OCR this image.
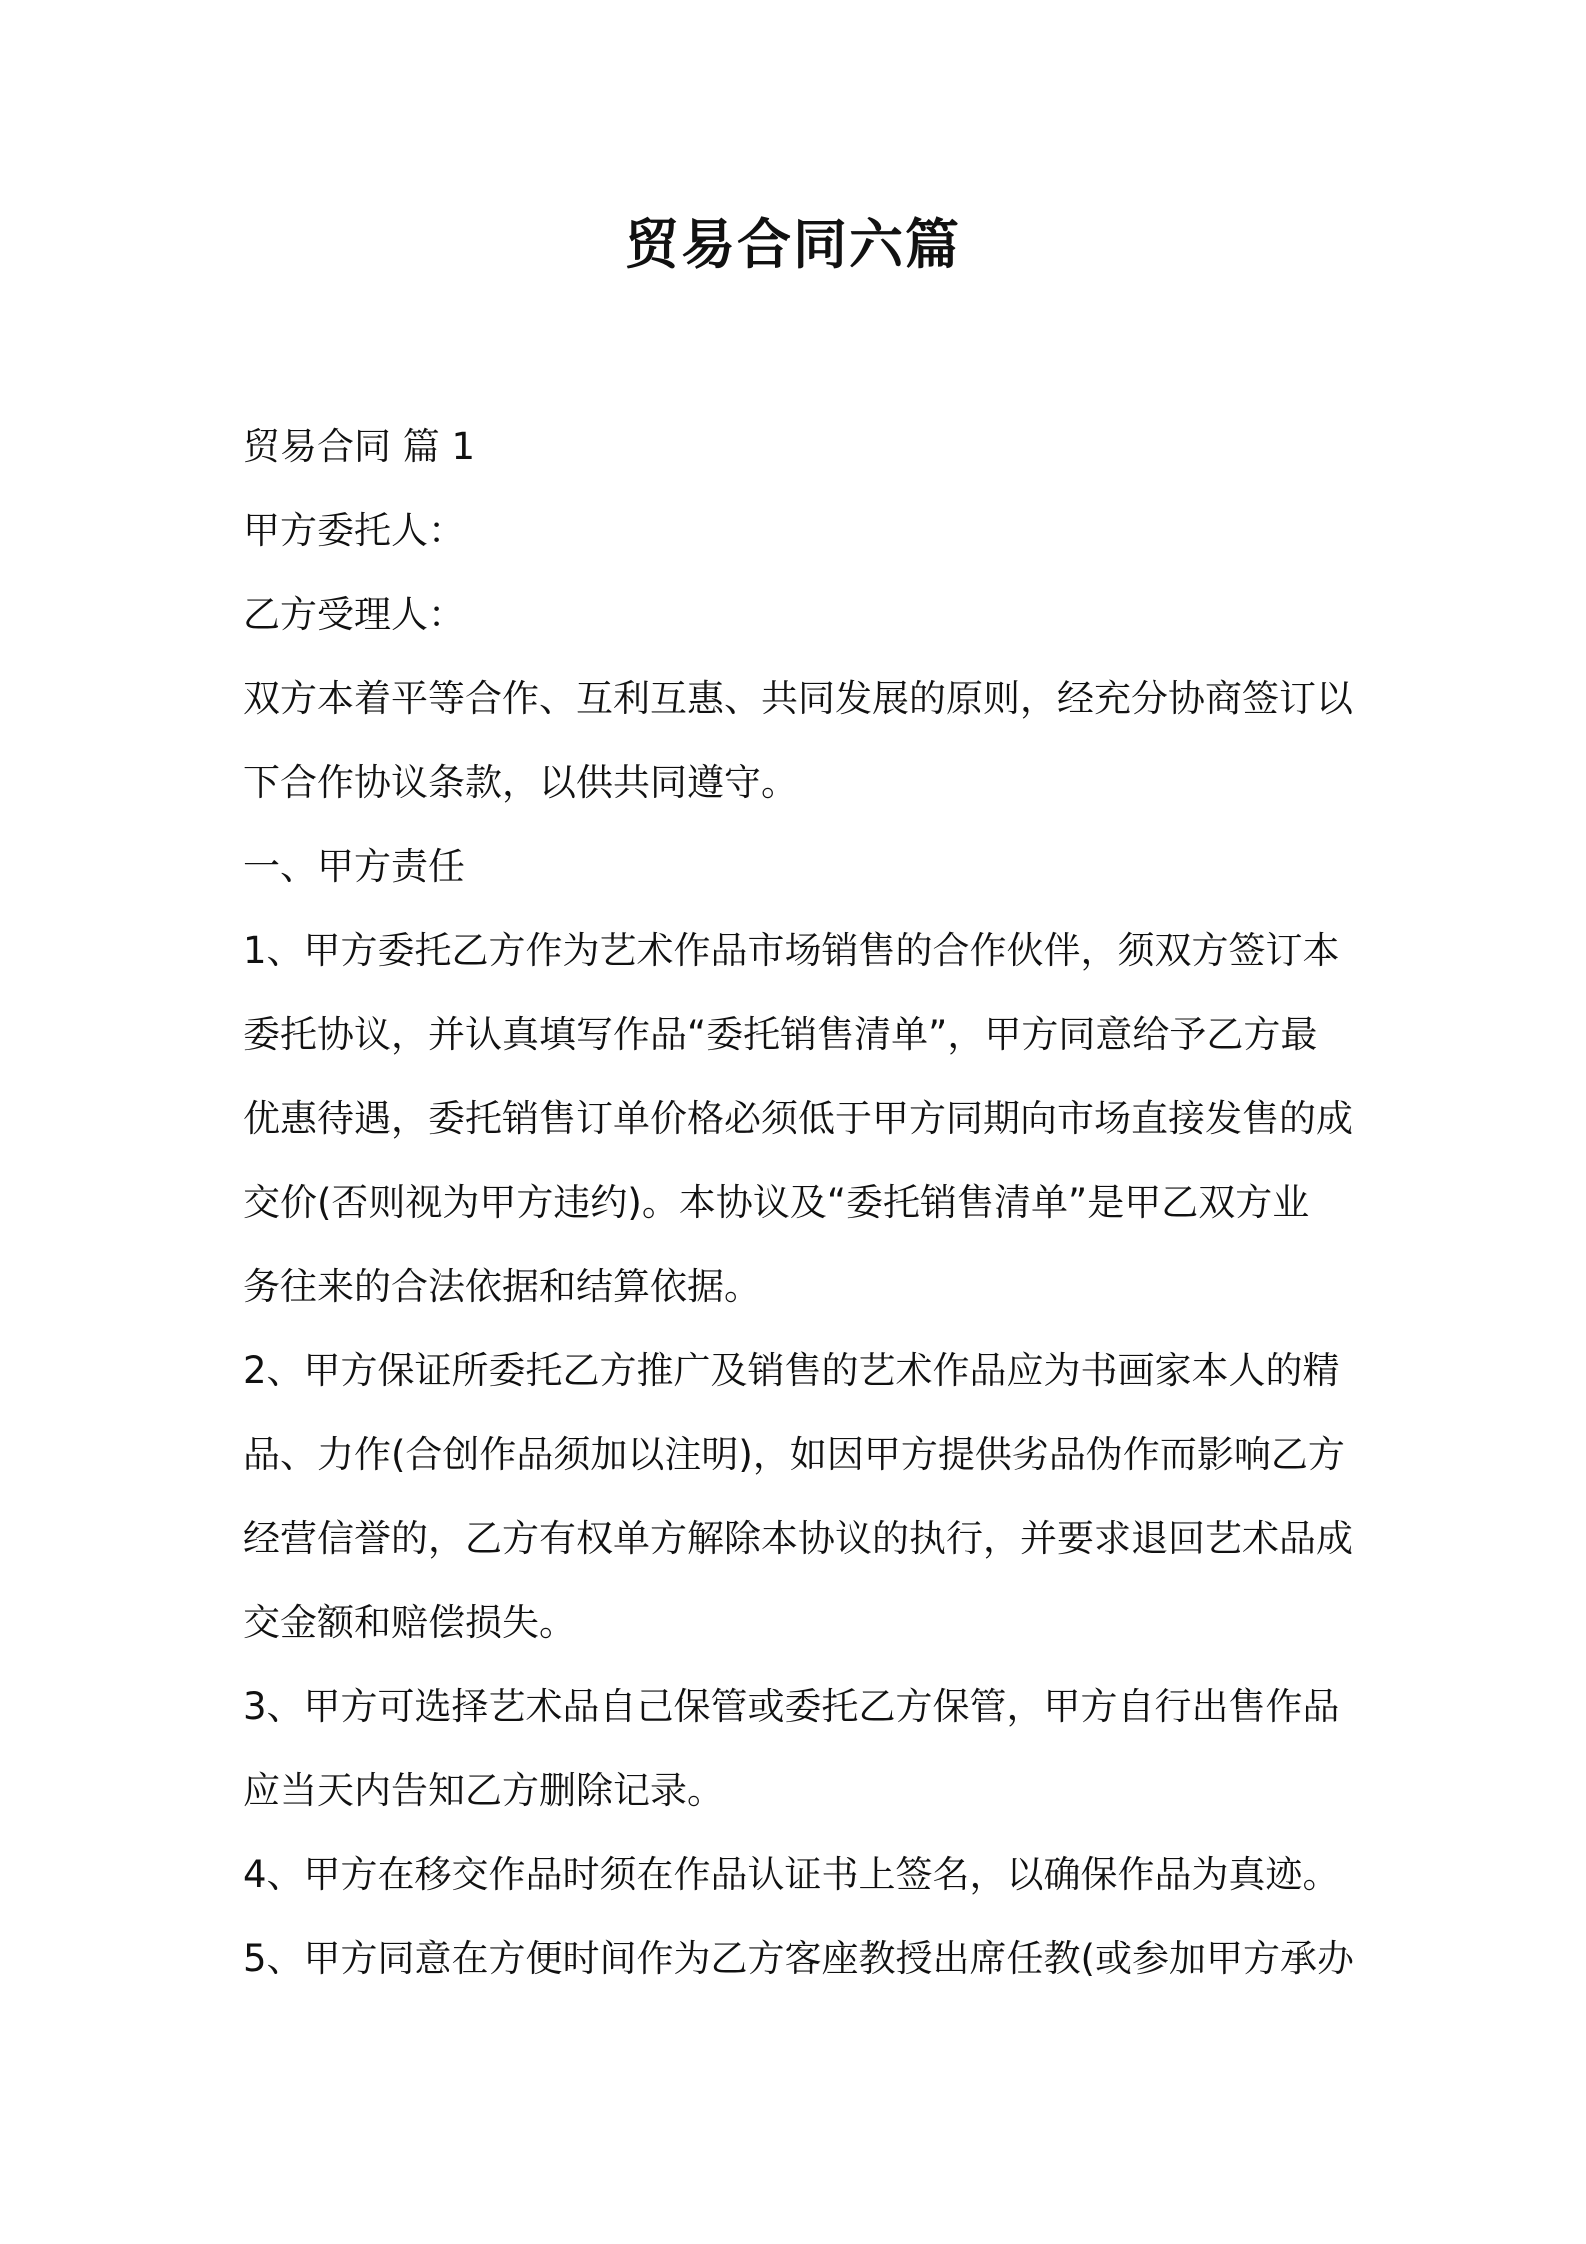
贸易合同六篇

贸易合同 篇 1

甲方委托人：

乙方受理人：

双方本着平等合作、互利互惠、共同发展的原则，经充分协商签订以

下合作协议条款，以供共同遵守。

一、甲方责任

1、甲方委托乙方作为艺术作品市场销售的合作伙伴，须双方签订本

委托协议，并认真填写作品“委托销售清单”，甲方同意给予乙方最

优惠待遇，委托销售订单价格必须低于甲方同期向市场直接发售的成

交价(否则视为甲方违约)。本协议及“委托销售清单”是甲乙双方业

务往来的合法依据和结算依据。

2、甲方保证所委托乙方推广及销售的艺术作品应为书画家本人的精

品、力作(合创作品须加以注明)，如因甲方提供劣品伪作而影响乙方

经营信誉的，乙方有权单方解除本协议的执行，并要求退回艺术品成

交金额和赔偿损失。

3、甲方可选择艺术品自己保管或委托乙方保管，甲方自行出售作品

应当天内告知乙方删除记录。

4、甲方在移交作品时须在作品认证书上签名，以确保作品为真迹。

5、甲方同意在方便时间作为乙方客座教授出席任教(或参加甲方承办
